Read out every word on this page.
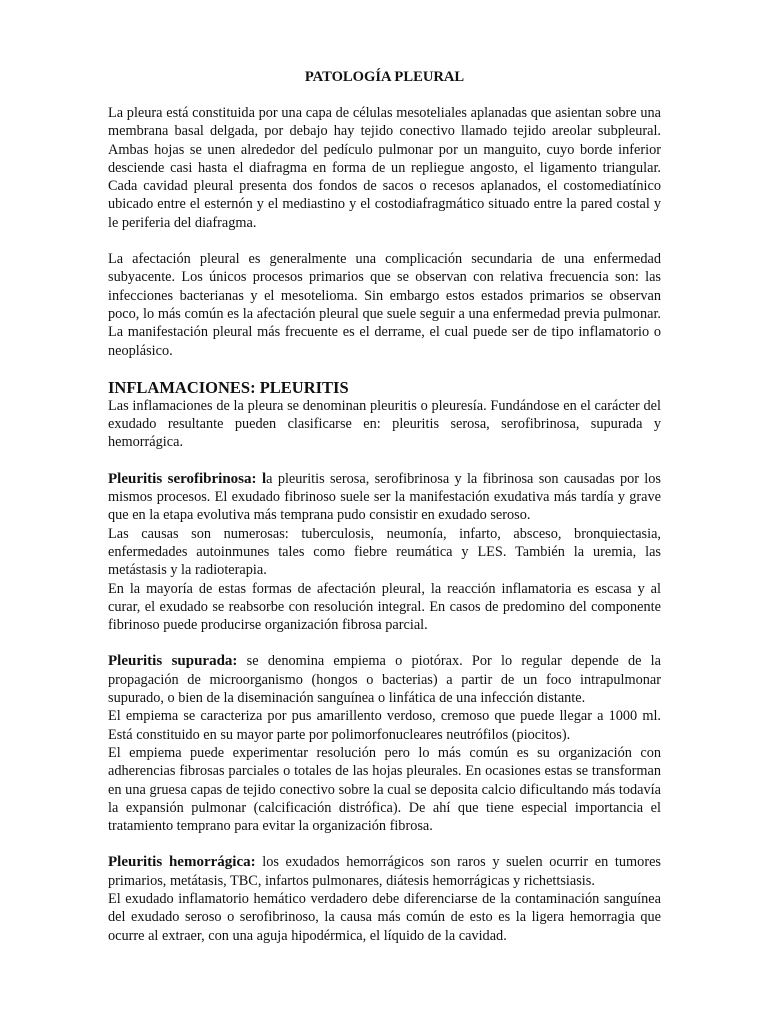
PATOLOGÍA PLEURAL

La pleura está constituida por una capa de células mesoteliales aplanadas que asientan sobre una membrana basal delgada, por debajo hay tejido conectivo llamado tejido areolar subpleural. Ambas hojas se unen alrededor del pedículo pulmonar por un manguito, cuyo borde inferior desciende casi hasta el diafragma en forma de un repliegue angosto, el ligamento triangular. Cada cavidad pleural presenta dos fondos de sacos o recesos aplanados, el costomediatínico ubicado entre el esternón y el mediastino y el costodiafragmático situado entre la pared costal y le periferia del diafragma.

La afectación pleural es generalmente una complicación secundaria de una enfermedad subyacente. Los únicos procesos primarios que se observan con relativa frecuencia son: las infecciones bacterianas y el mesotelioma. Sin embargo estos estados primarios se observan poco, lo más común es la afectación pleural que suele seguir a una enfermedad previa pulmonar. La manifestación pleural más frecuente es el derrame, el cual puede ser de tipo inflamatorio o neoplásico.

INFLAMACIONES: PLEURITIS

Las inflamaciones de la pleura se denominan pleuritis o pleuresía. Fundándose en el carácter del exudado resultante pueden clasificarse en: pleuritis serosa, serofibrinosa, supurada y hemorrágica.

Pleuritis serofibrinosa: la pleuritis serosa, serofibrinosa y la fibrinosa son causadas por los mismos procesos. El exudado fibrinoso suele ser la manifestación exudativa más tardía y grave que en la etapa evolutiva más temprana pudo consistir en exudado seroso.

Las causas son numerosas: tuberculosis, neumonía, infarto, absceso, bronquiectasia, enfermedades autoinmunes tales como fiebre reumática y LES. También la uremia, las metástasis y la radioterapia.

En la mayoría de estas formas de afectación pleural, la reacción inflamatoria es escasa y al curar, el exudado se reabsorbe con resolución integral. En casos de predomino del componente fibrinoso puede producirse organización fibrosa parcial.

Pleuritis supurada: se denomina empiema o piotórax. Por lo regular depende de la propagación de microorganismo (hongos o bacterias) a partir de un foco intrapulmonar supurado, o bien de la diseminación sanguínea o linfática de una infección distante.

El empiema se caracteriza por pus amarillento verdoso, cremoso que puede llegar a 1000 ml. Está constituido en su mayor parte por polimorfonucleares neutrófilos (piocitos).

El empiema puede experimentar resolución pero lo más común es su organización con adherencias fibrosas parciales o totales de las hojas pleurales. En ocasiones estas se transforman en una gruesa capas de tejido conectivo sobre la cual se deposita calcio dificultando más todavía la expansión pulmonar (calcificación distrófica). De ahí que tiene especial importancia el tratamiento temprano para evitar la organización fibrosa.

Pleuritis hemorrágica: los exudados hemorrágicos son raros y suelen ocurrir en tumores primarios, metátasis, TBC, infartos pulmonares, diátesis hemorrágicas y richettsiasis.

El exudado inflamatorio hemático verdadero debe diferenciarse de la contaminación sanguínea del exudado seroso o serofibrinoso, la causa más común de esto es la ligera hemorragia que ocurre al extraer, con una aguja hipodérmica, el líquido de la cavidad.
